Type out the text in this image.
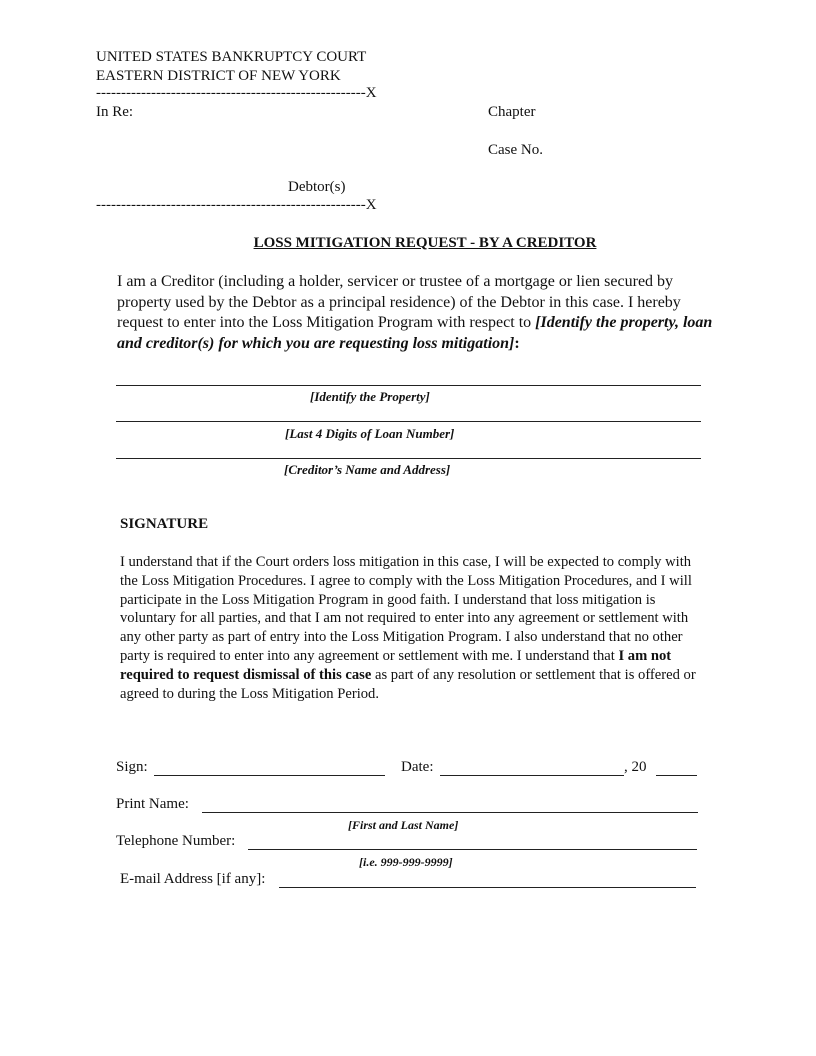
UNITED STATES BANKRUPTCY COURT
EASTERN DISTRICT OF NEW YORK
------------------------------------------------------X
In Re:	Chapter
Case No.
Debtor(s)
------------------------------------------------------X
LOSS MITIGATION REQUEST - BY A CREDITOR
I am a Creditor (including a holder, servicer or trustee of a mortgage or lien secured by property used by the Debtor as a principal residence) of the Debtor in this case. I hereby request to enter into the Loss Mitigation Program with respect to [Identify the property, loan and creditor(s) for which you are requesting loss mitigation]:
[Identify the Property]
[Last 4 Digits of Loan Number]
[Creditor’s Name and Address]
SIGNATURE
I understand that if the Court orders loss mitigation in this case, I will be expected to comply with the Loss Mitigation Procedures. I agree to comply with the Loss Mitigation Procedures, and I will participate in the Loss Mitigation Program in good faith. I understand that loss mitigation is voluntary for all parties, and that I am not required to enter into any agreement or settlement with any other party as part of entry into the Loss Mitigation Program. I also understand that no other party is required to enter into any agreement or settlement with me. I understand that I am not required to request dismissal of this case as part of any resolution or settlement that is offered or agreed to during the Loss Mitigation Period.
Sign:	Date:	, 20
Print Name:
[First and Last Name]
Telephone Number:
[i.e. 999-999-9999]
E-mail Address [if any]:
